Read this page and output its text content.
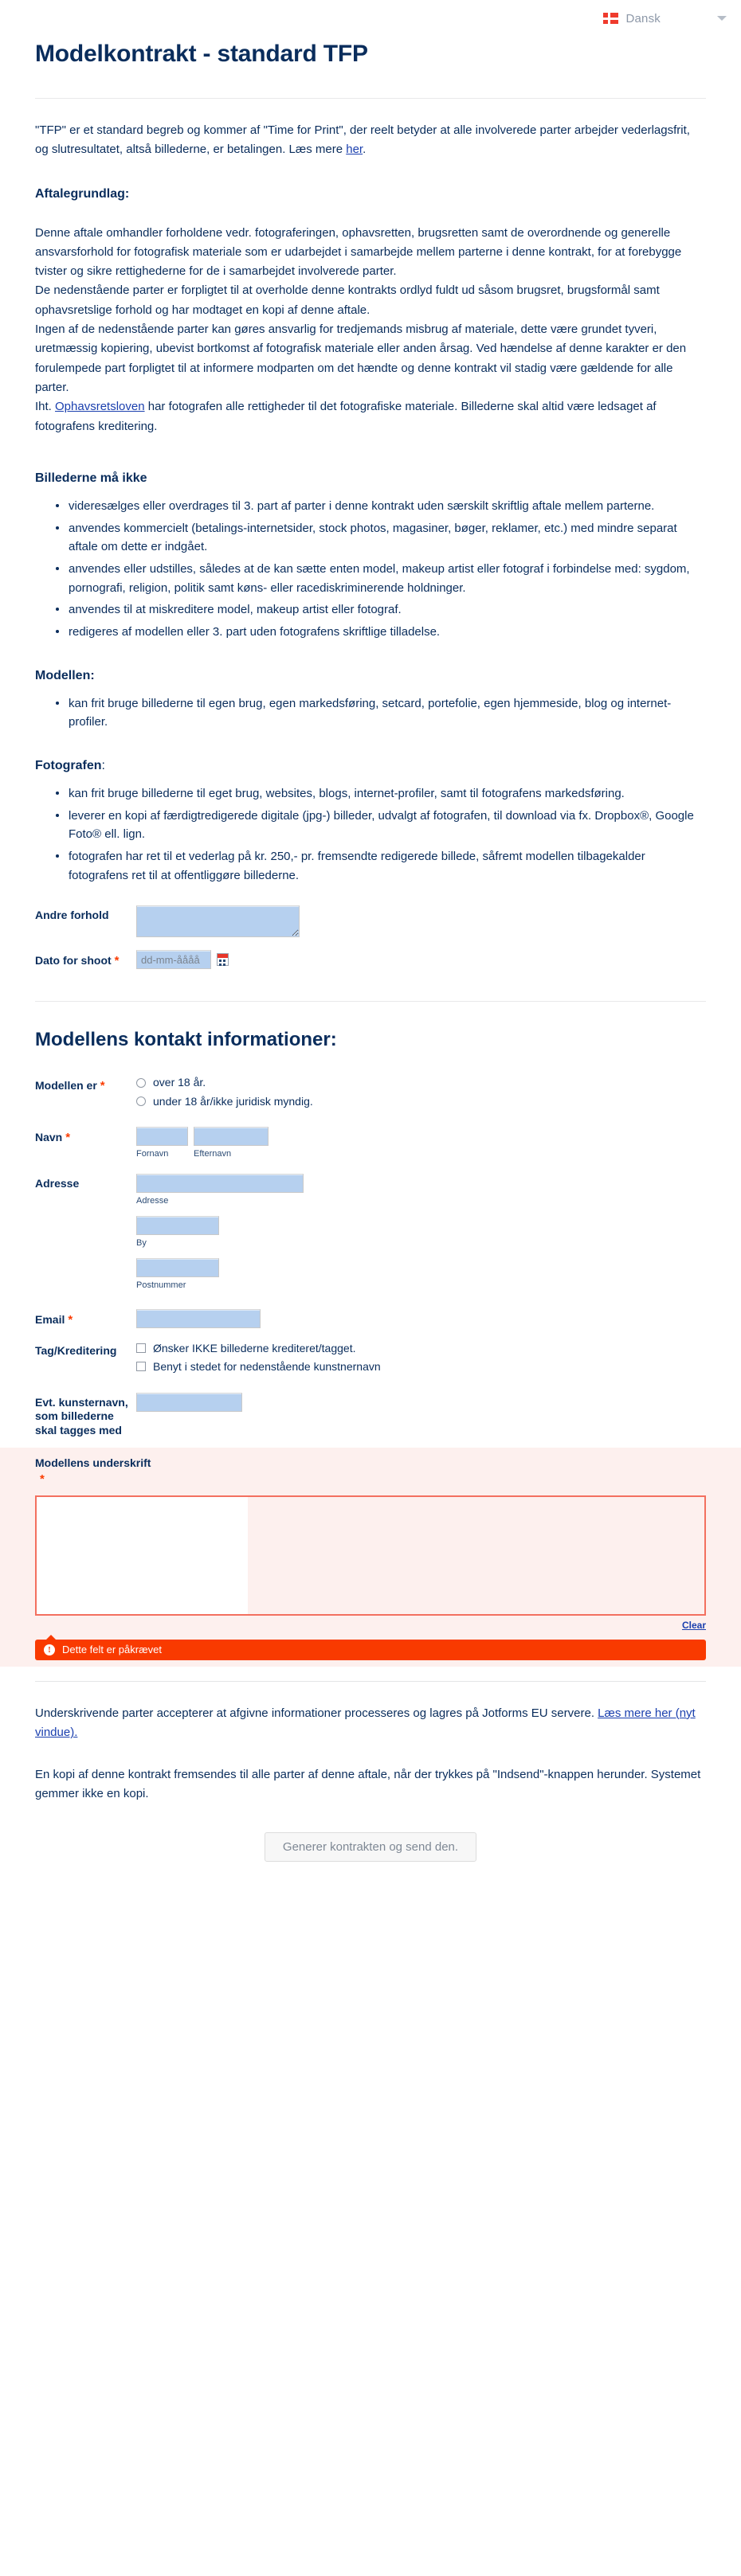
Dansk
Modelkontrakt - standard TFP

"TFP" er et standard begreb og kommer af "Time for Print", der reelt betyder at alle involverede parter arbejder vederlagsfrit, og slutresultatet, altså billederne, er betalingen. Læs mere her.

Aftalegrundlag:

Denne aftale omhandler forholdene vedr. fotograferingen, ophavsretten, brugsretten samt de overordnende og generelle ansvarsforhold for fotografisk materiale som er udarbejdet i samarbejde mellem parterne i denne kontrakt, for at forebygge tvister og sikre rettighederne for de i samarbejdet involverede parter.

De nedenstående parter er forpligtet til at overholde denne kontrakts ordlyd fuldt ud såsom brugsret, brugsformål samt ophavsretslige forhold og har modtaget en kopi af denne aftale.

Ingen af de nedenstående parter kan gøres ansvarlig for tredjemands misbrug af materiale, dette være grundet tyveri, uretmæssig kopiering, ubevist bortkomst af fotografisk materiale eller anden årsag. Ved hændelse af denne karakter er den forulempede part forpligtet til at informere modparten om det hændte og denne kontrakt vil stadig være gældende for alle parter.

Iht. Ophavsretsloven har fotografen alle rettigheder til det fotografiske materiale. Billederne skal altid være ledsaget af fotografens kreditering.

Billederne må ikke
videresælges eller overdrages til 3. part af parter i denne kontrakt uden særskilt skriftlig aftale mellem parterne.
anvendes kommercielt (betalings-internetsider, stock photos, magasiner, bøger, reklamer, etc.) med mindre separat aftale om dette er indgået.
anvendes eller udstilles, således at de kan sætte enten model, makeup artist eller fotograf i forbindelse med: sygdom, pornografi, religion, politik samt køns- eller racediskriminerende holdninger.
anvendes til at miskreditere model, makeup artist eller fotograf.
redigeres af modellen eller 3. part uden fotografens skriftlige tilladelse.
Modellen:
kan frit bruge billederne til egen brug, egen markedsføring, setcard, portefolie, egen hjemmeside, blog og internet-profiler.
Fotografen:
kan frit bruge billederne til eget brug, websites, blogs, internet-profiler, samt til fotografens markedsføring.
leverer en kopi af færdigtredigerede digitale (jpg-) billeder, udvalgt af fotografen, til download via fx. Dropbox®, Google Foto® ell. lign.
fotografen har ret til et vederlag på kr. 250,- pr. fremsendte redigerede billede, såfremt modellen tilbagekalder fotografens ret til at offentliggøre billederne.
Andre forhold
Dato for shoot *
dd-mm-åååå
Modellens kontakt informationer:
Modellen er *	over 18 år.
under 18 år/ikke juridisk myndig.
Navn *
Fornavn	Efternavn
Adresse
Adresse
By
Postnummer
Email *
Tag/Kreditering	Ønsker IKKE billederne krediteret/tagget.
Benyt i stedet for nedenstående kunstnernavn
Evt. kunsternavn, som billederne skal tagges med
Modellens underskrift
*
Clear
!	Dette felt er påkrævet

Underskrivende parter accepterer at afgivne informationer processeres og lagres på Jotforms EU servere. Læs mere her (nyt vindue).

En kopi af denne kontrakt fremsendes til alle parter af denne aftale, når der trykkes på "Indsend"-knappen herunder. Systemet gemmer ikke en kopi.

Generer kontrakten og send den.
